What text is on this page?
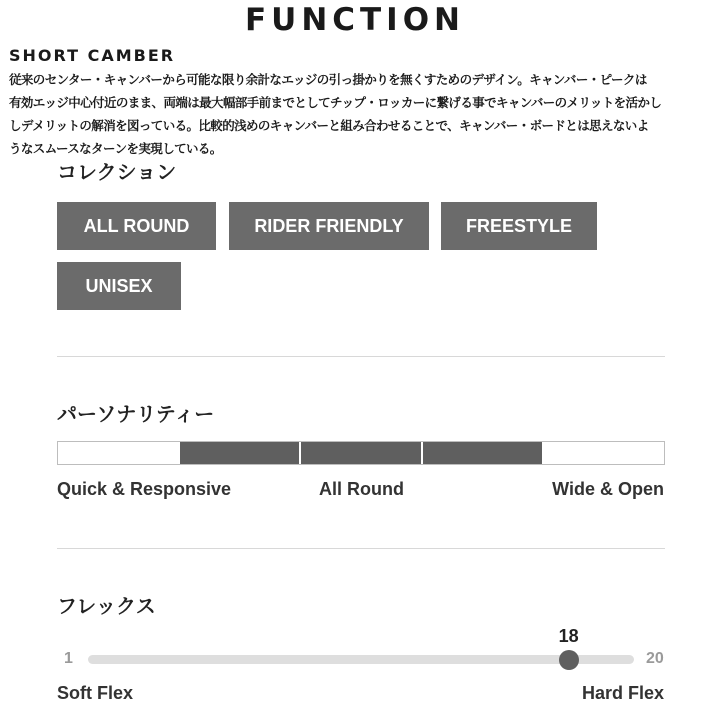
FUNCTION
SHORT CAMBER
従来のセンター・キャンバーから可能な限り余計なエッジの引っ掛かりを無くすためのデザイン。キャンバー・ピークは
有効エッジ中心付近のまま、両端は最大幅部手前までとしてチップ・ロッカーに繋げる事でキャンバーのメリットを活かし
しデメリットの解消を図っている。比較的浅めのキャンバーと組み合わせることで、キャンバー・ボードとは思えないよ
うなスムースなターンを実現している。
コレクション
ALL ROUND	RIDER FRIENDLY	FREESTYLE
UNISEX
パーソナリティー
Quick & Responsive	All Round	Wide & Open
フレックス
18
1	20
Soft Flex	Hard Flex
